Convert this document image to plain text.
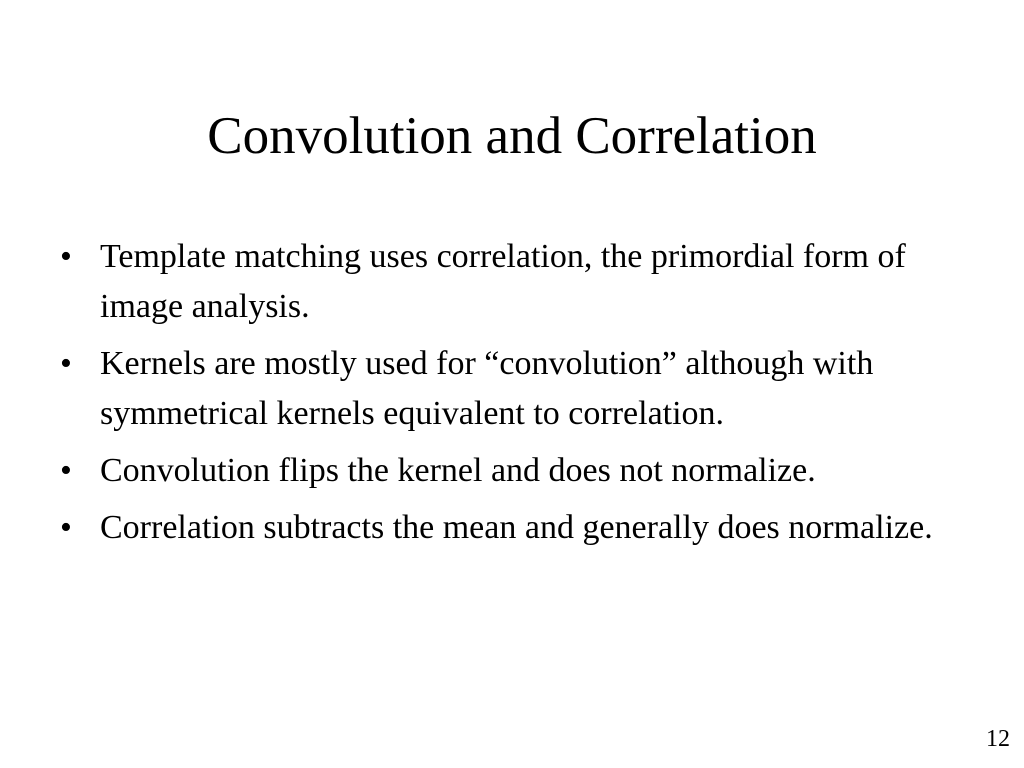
Convolution and Correlation
• Template matching uses correlation, the primordial form of image analysis.
• Kernels are mostly used for “convolution” although with symmetrical kernels equivalent to correlation.
• Convolution flips the kernel and does not normalize.
• Correlation subtracts the mean and generally does normalize.
12
